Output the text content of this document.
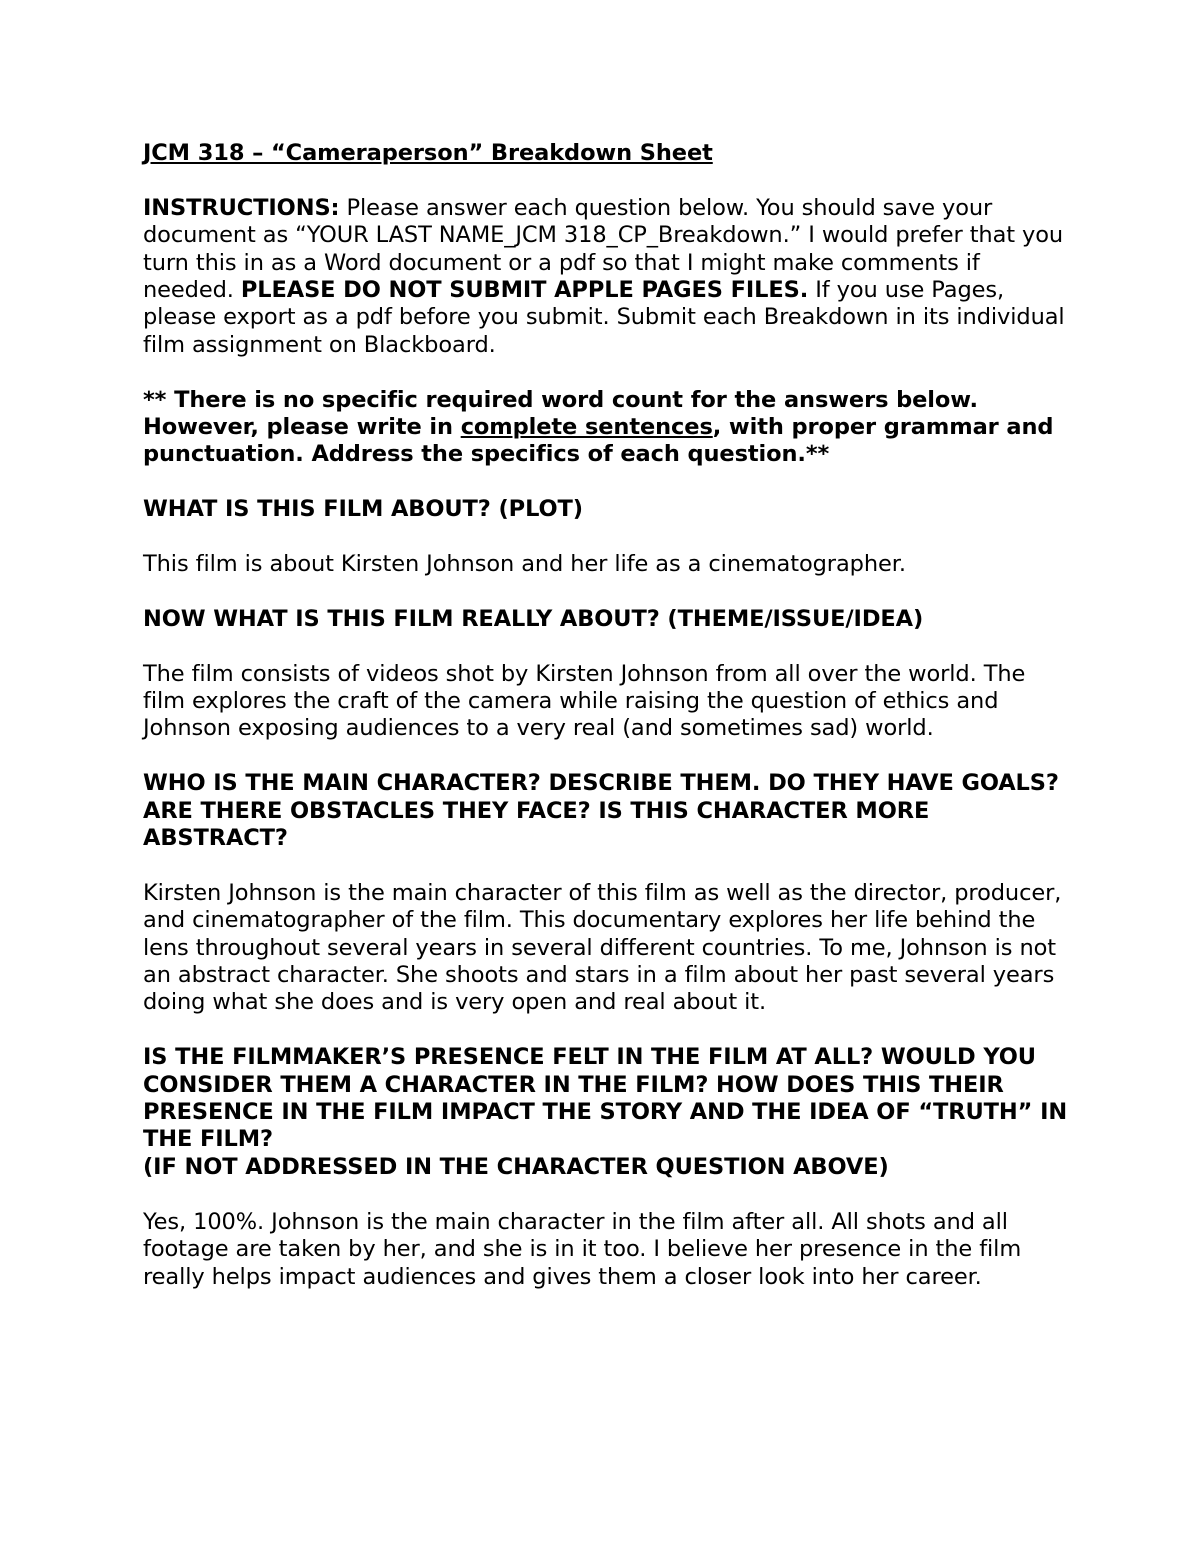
JCM 318 – “Cameraperson” Breakdown Sheet

INSTRUCTIONS: Please answer each question below. You should save your document as “YOUR LAST NAME_JCM 318_CP_Breakdown.” I would prefer that you turn this in as a Word document or a pdf so that I might make comments if needed. PLEASE DO NOT SUBMIT APPLE PAGES FILES. If you use Pages, please export as a pdf before you submit. Submit each Breakdown in its individual film assignment on Blackboard.

** There is no specific required word count for the answers below. However, please write in complete sentences, with proper grammar and punctuation. Address the specifics of each question.**

WHAT IS THIS FILM ABOUT? (PLOT)

This film is about Kirsten Johnson and her life as a cinematographer.

NOW WHAT IS THIS FILM REALLY ABOUT? (THEME/ISSUE/IDEA)

The film consists of videos shot by Kirsten Johnson from all over the world. The film explores the craft of the camera while raising the question of ethics and Johnson exposing audiences to a very real (and sometimes sad) world.

WHO IS THE MAIN CHARACTER? DESCRIBE THEM. DO THEY HAVE GOALS? ARE THERE OBSTACLES THEY FACE? IS THIS CHARACTER MORE ABSTRACT?

Kirsten Johnson is the main character of this film as well as the director, producer, and cinematographer of the film. This documentary explores her life behind the lens throughout several years in several different countries. To me, Johnson is not an abstract character. She shoots and stars in a film about her past several years doing what she does and is very open and real about it.

IS THE FILMMAKER’S PRESENCE FELT IN THE FILM AT ALL? WOULD YOU CONSIDER THEM A CHARACTER IN THE FILM? HOW DOES THIS THEIR PRESENCE IN THE FILM IMPACT THE STORY AND THE IDEA OF “TRUTH” IN THE FILM?
(IF NOT ADDRESSED IN THE CHARACTER QUESTION ABOVE)

Yes, 100%. Johnson is the main character in the film after all. All shots and all footage are taken by her, and she is in it too. I believe her presence in the film really helps impact audiences and gives them a closer look into her career.
